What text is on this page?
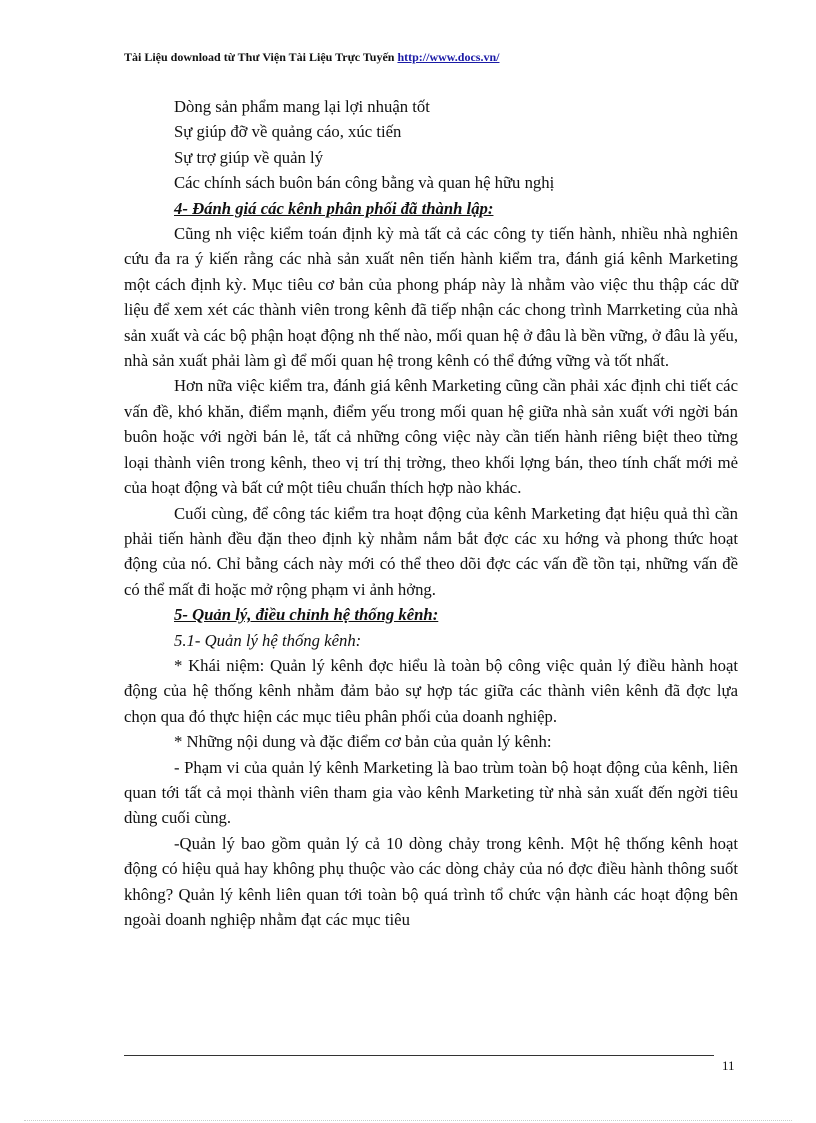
Tài Liệu download từ Thư Viện Tài Liệu Trực Tuyến http://www.docs.vn/

Dòng sản phẩm mang lại lợi nhuận tốt

Sự giúp đỡ về quảng cáo, xúc tiến

Sự trợ giúp về quản lý

Các chính sách buôn bán công bằng và quan hệ hữu nghị

4- Đánh giá các kênh phân phối đã thành lập:

Cũng nh việc kiểm toán định kỳ mà tất cả các công ty tiến hành, nhiều nhà nghiên cứu đa ra ý kiến rằng các nhà sản xuất nên tiến hành kiểm tra, đánh giá kênh Marketing một cách định kỳ. Mục tiêu cơ bản của phong pháp này là nhằm vào việc thu thập các dữ liệu để xem xét các thành viên trong kênh đã tiếp nhận các chong trình Marrketing của nhà sản xuất và các bộ phận hoạt động nh thế nào, mối quan hệ ở đâu là bền vững, ở đâu là yếu, nhà sản xuất phải làm gì để mối quan hệ trong kênh có thể đứng vững và tốt nhất.

Hơn nữa việc kiểm tra, đánh giá kênh Marketing cũng cần phải xác định chi tiết các vấn đề, khó khăn, điểm mạnh, điểm yếu trong mối quan hệ giữa nhà sản xuất với ngời bán buôn hoặc với ngời bán lẻ, tất cả những công việc này cần tiến hành riêng biệt theo từng loại thành viên trong kênh, theo vị trí thị trờng, theo khối lợng bán, theo tính chất mới mẻ của hoạt động và bất cứ một tiêu chuẩn thích hợp nào khác.

Cuối cùng, để công tác kiểm tra hoạt động của kênh Marketing đạt hiệu quả thì cần phải tiến hành đều đặn theo định kỳ nhằm nắm bắt đợc các xu hớng và phong thức hoạt động của nó. Chỉ bằng cách này mới có thể theo dõi đợc các vấn đề tồn tại, những vấn đề có thể mất đi hoặc mở rộng phạm vi ảnh hởng.

5- Quản lý, điều chỉnh hệ thống kênh:

5.1- Quản lý hệ thống kênh:

* Khái niệm: Quản lý kênh đợc hiểu là toàn bộ công việc quản lý điều hành hoạt động của hệ thống kênh nhằm đảm bảo sự hợp tác giữa các thành viên kênh đã đợc lựa chọn qua đó thực hiện các mục tiêu phân phối của doanh nghiệp.

* Những nội dung và đặc điểm cơ bản của quản lý kênh:

- Phạm vi của quản lý kênh Marketing là bao trùm toàn bộ hoạt động của kênh, liên quan tới tất cả mọi thành viên tham gia vào kênh Marketing từ nhà sản xuất đến ngời tiêu dùng cuối cùng.

-Quản lý bao gồm quản lý cả 10 dòng chảy trong kênh. Một hệ thống kênh hoạt động có hiệu quả hay không phụ thuộc vào các dòng chảy của nó đợc điều hành thông suốt không? Quản lý kênh liên quan tới toàn bộ quá trình tổ chức vận hành các hoạt động bên ngoài doanh nghiệp nhằm đạt các mục tiêu

11
